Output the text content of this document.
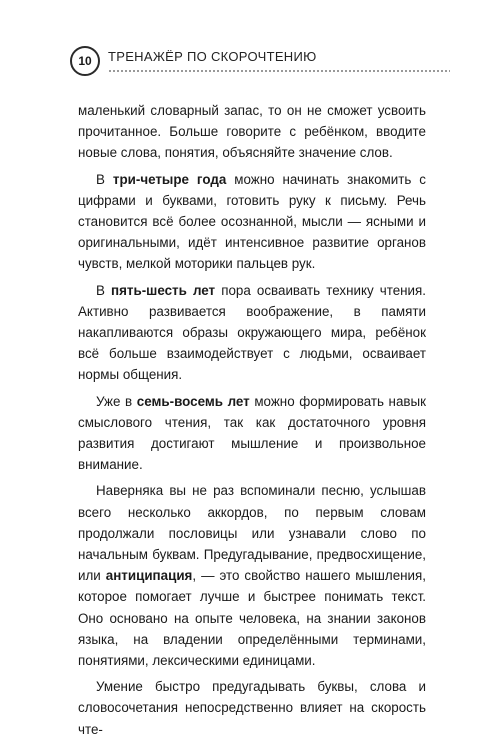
10	ТРЕНАЖЁР ПО СКОРОЧТЕНИЮ

маленький словарный запас, то он не сможет усвоить прочитанное. Больше говорите с ребёнком, вводите новые слова, понятия, объясняйте значение слов.

В три-четыре года можно начинать знакомить с цифрами и буквами, готовить руку к письму. Речь становится всё более осознанной, мысли — ясными и оригинальными, идёт интенсивное развитие органов чувств, мелкой моторики пальцев рук.

В пять-шесть лет пора осваивать технику чтения. Активно развивается воображение, в памяти накапливаются образы окружающего мира, ребёнок всё больше взаимодействует с людьми, осваивает нормы общения.

Уже в семь-восемь лет можно формировать навык смыслового чтения, так как достаточного уровня развития достигают мышление и произвольное внимание.

Наверняка вы не раз вспоминали песню, услышав всего несколько аккордов, по первым словам продолжали пословицы или узнавали слово по начальным буквам. Предугадывание, предвосхищение, или антиципация, — это свойство нашего мышления, которое помогает лучше и быстрее понимать текст. Оно основано на опыте человека, на знании законов языка, на владении определёнными терминами, понятиями, лексическими единицами.

Умение быстро предугадывать буквы, слова и словосочетания непосредственно влияет на скорость чте-
